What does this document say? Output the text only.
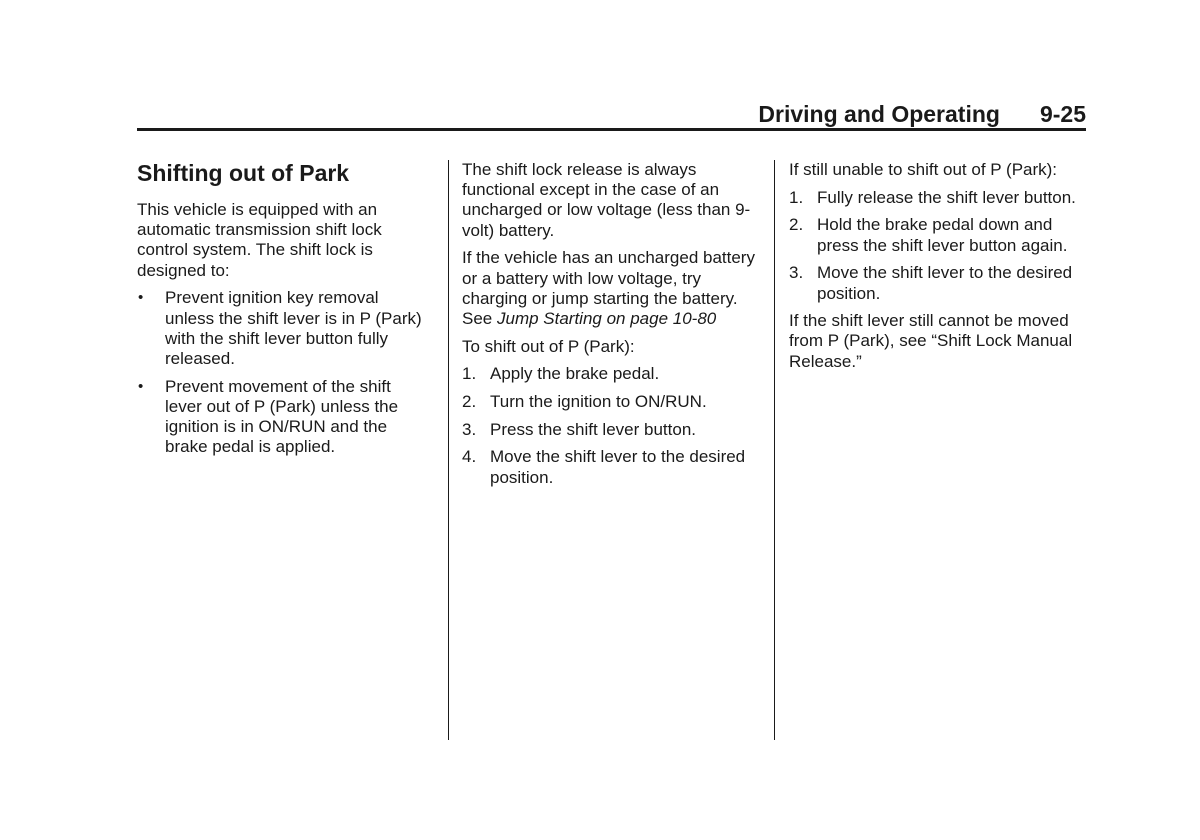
Driving and Operating 9-25
Shifting out of Park

This vehicle is equipped with an automatic transmission shift lock control system. The shift lock is designed to:

• Prevent ignition key removal unless the shift lever is in P (Park) with the shift lever button fully released.
• Prevent movement of the shift lever out of P (Park) unless the ignition is in ON/RUN and the brake pedal is applied.

The shift lock release is always functional except in the case of an uncharged or low voltage (less than 9-volt) battery.

If the vehicle has an uncharged battery or a battery with low voltage, try charging or jump starting the battery. See Jump Starting on page 10-80

To shift out of P (Park):

1. Apply the brake pedal.
2. Turn the ignition to ON/RUN.
3. Press the shift lever button.
4. Move the shift lever to the desired position.

If still unable to shift out of P (Park):

1. Fully release the shift lever button.
2. Hold the brake pedal down and press the shift lever button again.
3. Move the shift lever to the desired position.

If the shift lever still cannot be moved from P (Park), see “Shift Lock Manual Release.”
